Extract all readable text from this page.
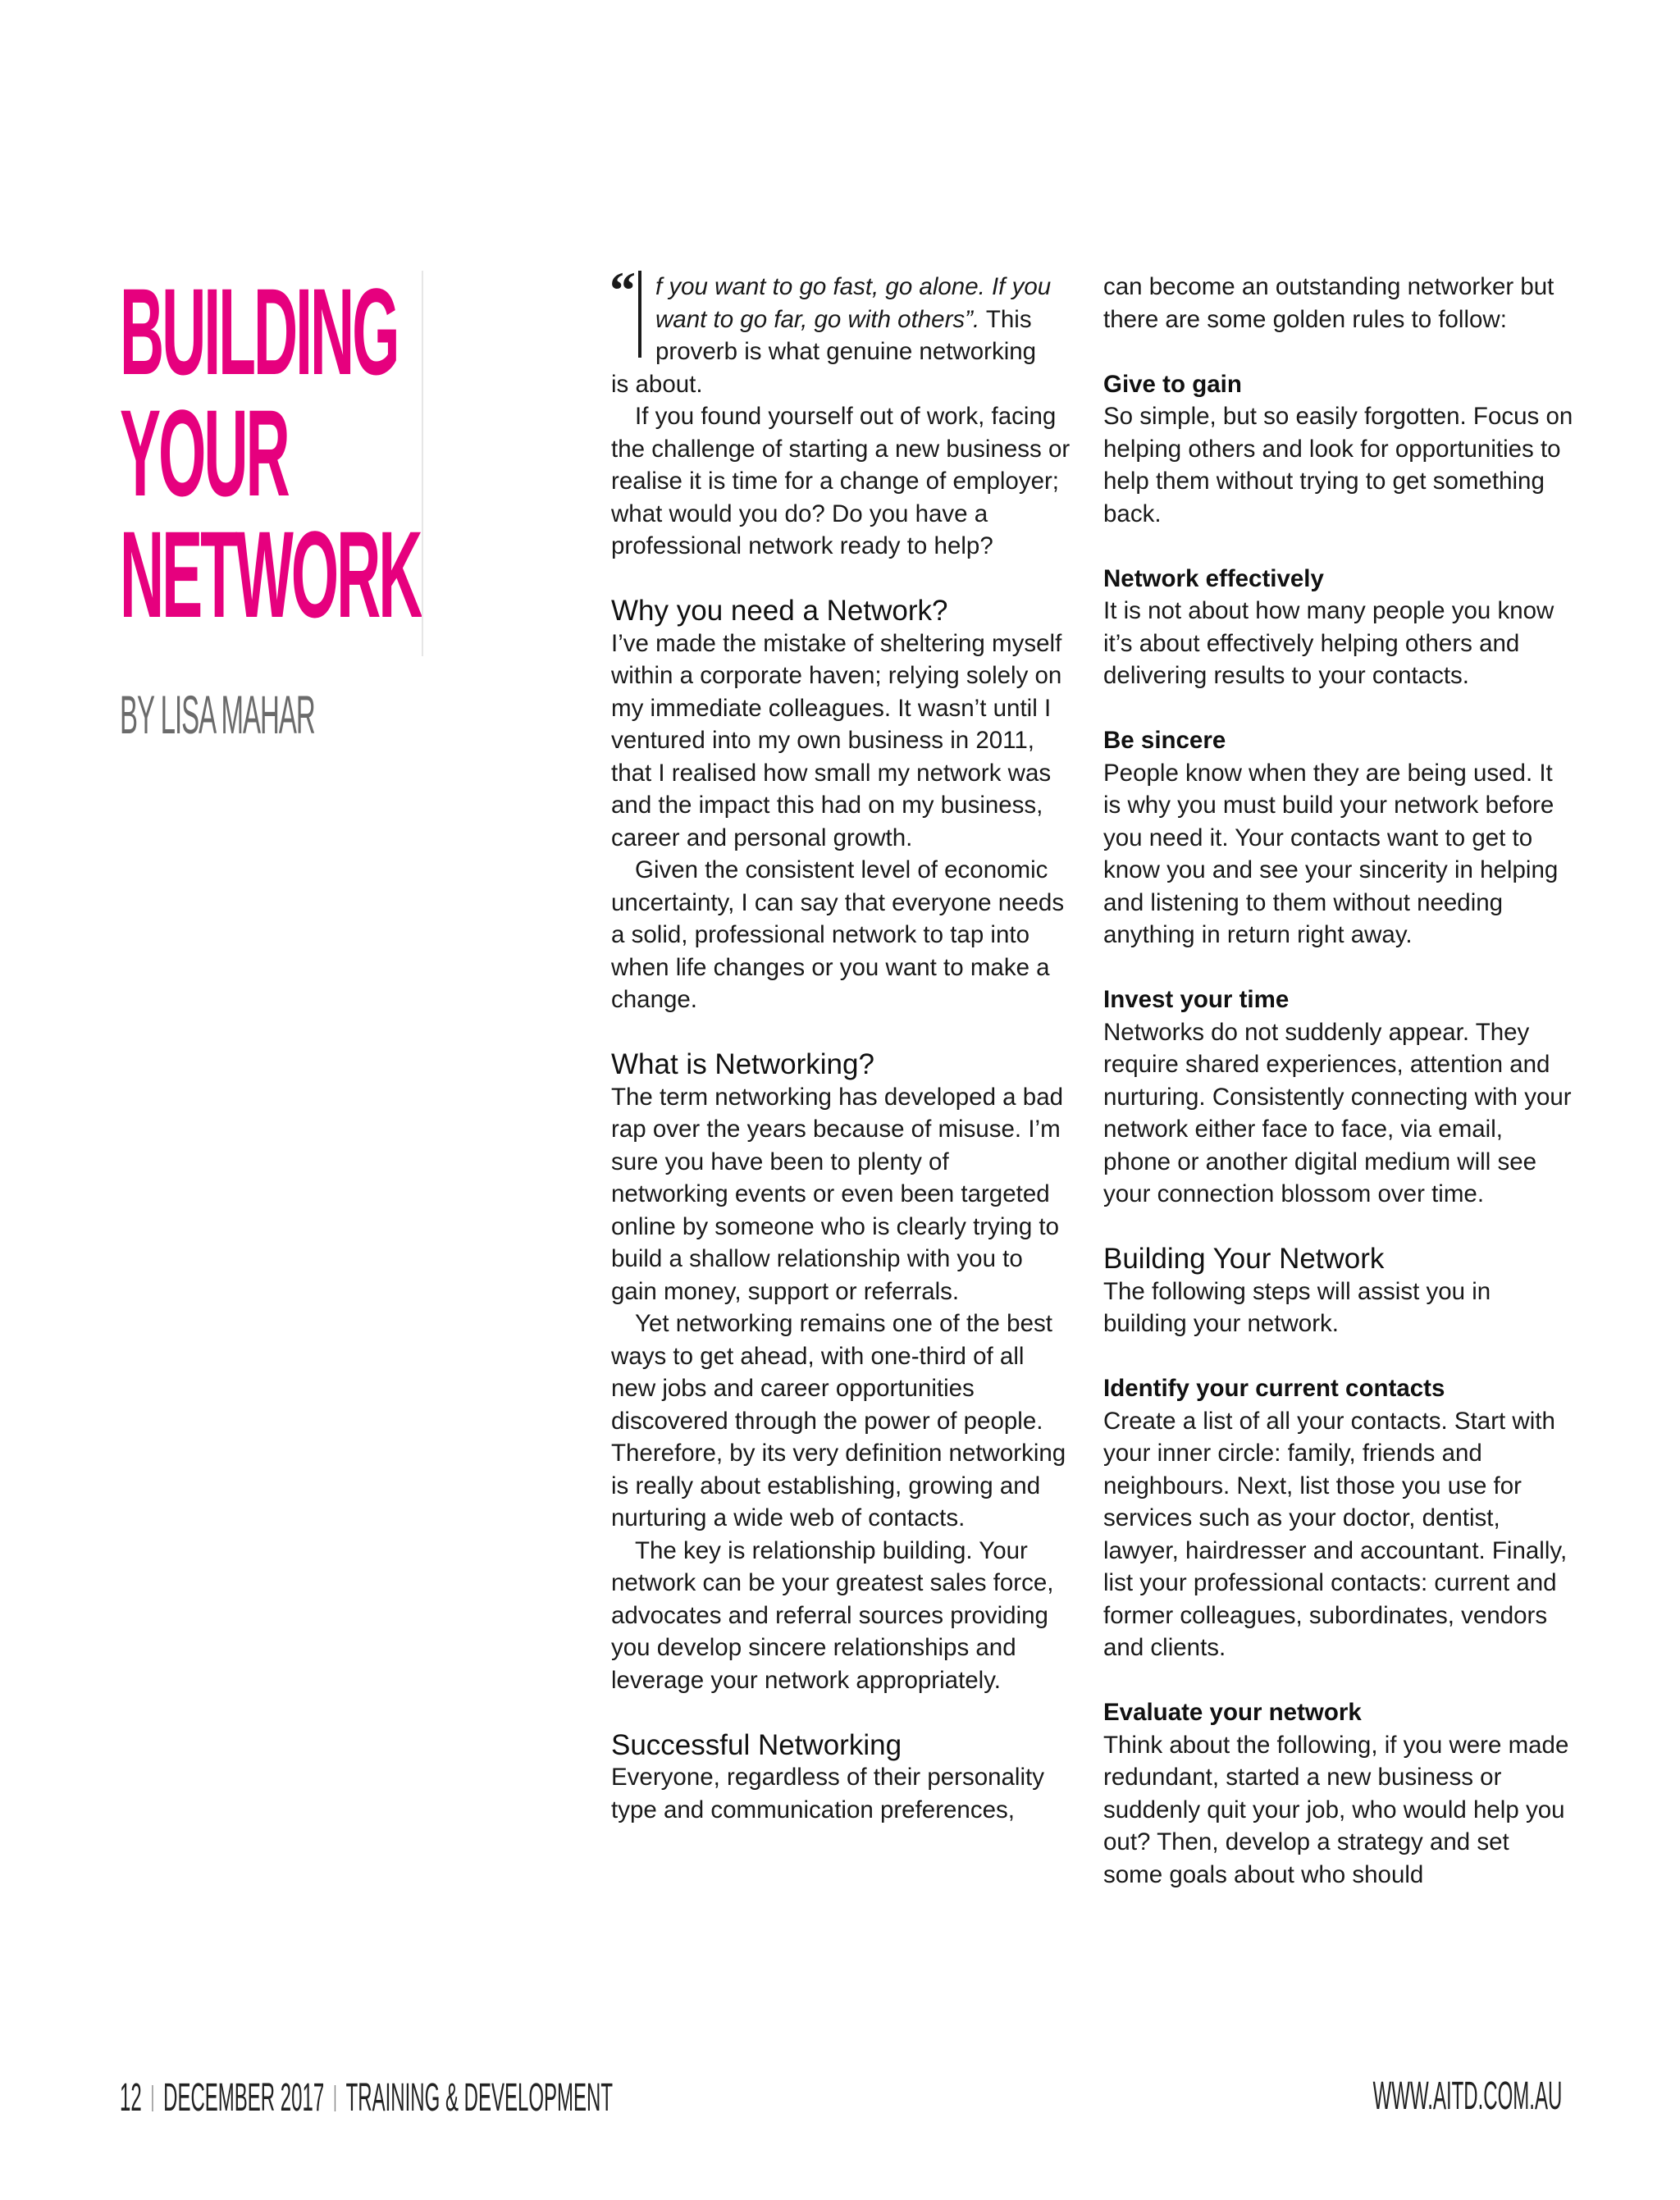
BUILDING
YOUR
NETWORK
BY LISA MAHAR
“ f you want to go fast, go alone. If you
want to go far, go with others”. This
proverb is what genuine networking

is about.

If you found yourself out of work, facing the challenge of starting a new business or realise it is time for a change of employer; what would you do? Do you have a professional network ready to help?

Why you need a Network?

I’ve made the mistake of sheltering myself within a corporate haven; relying solely on my immediate colleagues. It wasn’t until I ventured into my own business in 2011, that I realised how small my network was and the impact this had on my business, career and personal growth.

Given the consistent level of economic uncertainty, I can say that everyone needs a solid, professional network to tap into when life changes or you want to make a change.

What is Networking?

The term networking has developed a bad rap over the years because of misuse. I’m sure you have been to plenty of networking events or even been targeted online by someone who is clearly trying to build a shallow relationship with you to gain money, support or referrals.

Yet networking remains one of the best ways to get ahead, with one-third of all new jobs and career opportunities discovered through the power of people. Therefore, by its very definition networking is really about establishing, growing and nurturing a wide web of contacts.

The key is relationship building. Your network can be your greatest sales force, advocates and referral sources providing you develop sincere relationships and leverage your network appropriately.

Successful Networking

Everyone, regardless of their personality type and communication preferences,

can become an outstanding networker but there are some golden rules to follow:

Give to gain

So simple, but so easily forgotten. Focus on helping others and look for opportunities to help them without trying to get something back.

Network effectively

It is not about how many people you know it’s about effectively helping others and delivering results to your contacts.

Be sincere

People know when they are being used. It is why you must build your network before you need it. Your contacts want to get to know you and see your sincerity in helping and listening to them without needing anything in return right away.

Invest your time

Networks do not suddenly appear. They require shared experiences, attention and nurturing. Consistently connecting with your network either face to face, via email, phone or another digital medium will see your connection blossom over time.

Building Your Network

The following steps will assist you in building your network.

Identify your current contacts

Create a list of all your contacts. Start with your inner circle: family, friends and neighbours. Next, list those you use for services such as your doctor, dentist, lawyer, hairdresser and accountant. Finally, list your professional contacts: current and former colleagues, subordinates, vendors and clients.

Evaluate your network

Think about the following, if you were made redundant, started a new business or suddenly quit your job, who would help you out? Then, develop a strategy and set some goals about who should

12 | DECEMBER 2017 | TRAINING & DEVELOPMENT	WWW.AITD.COM.AU
